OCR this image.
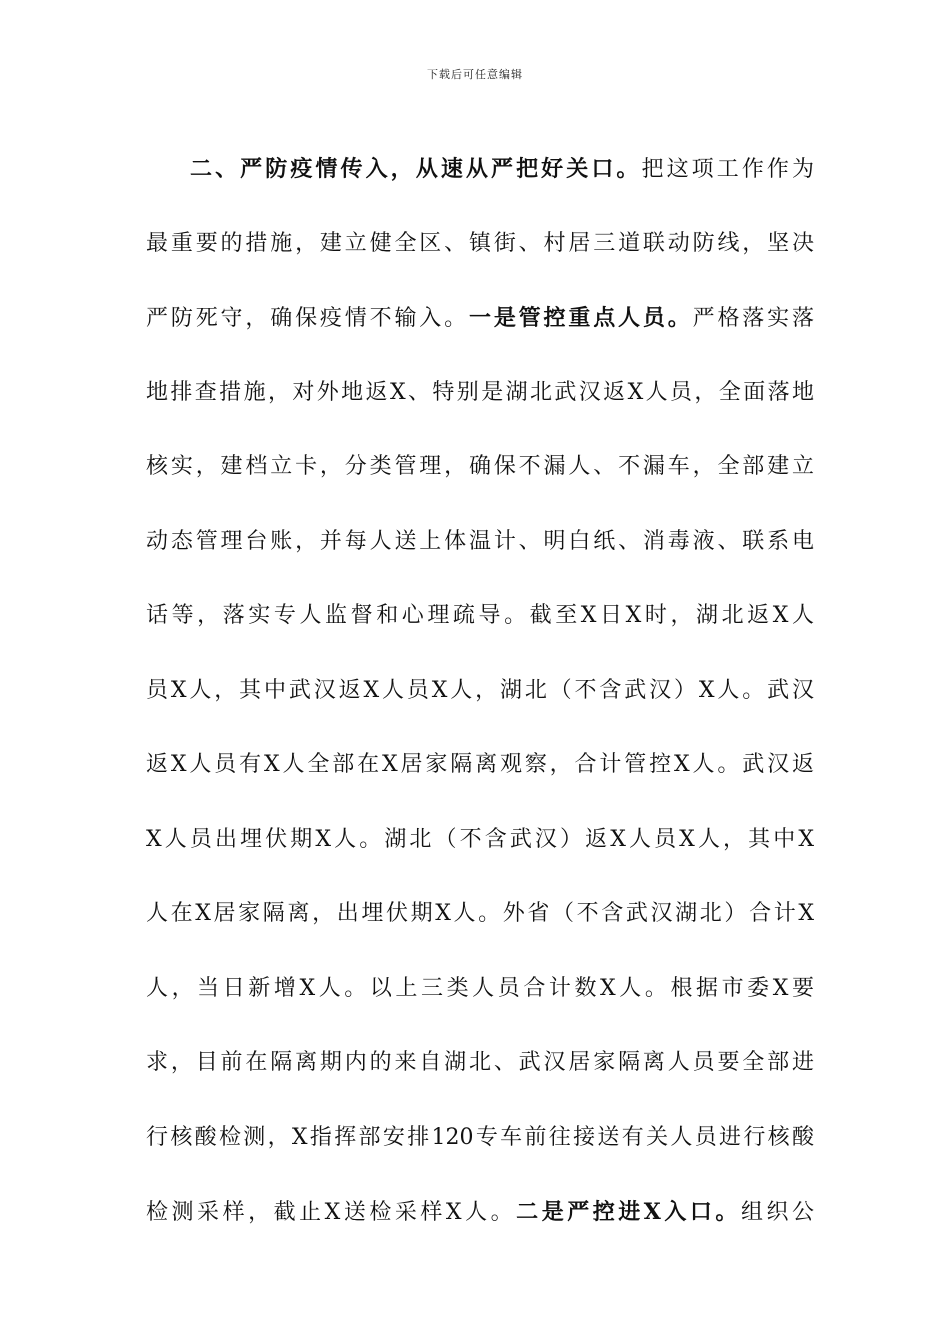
下载后可任意编辑
二、严防疫情传入，从速从严把好关口。把这项工作作为
最重要的措施，建立健全区、镇街、村居三道联动防线，坚决
严防死守，确保疫情不输入。一是管控重点人员。严格落实落
地排查措施，对外地返X、特别是湖北武汉返X人员，全面落地
核实，建档立卡，分类管理，确保不漏人、不漏车，全部建立
动态管理台账，并每人送上体温计、明白纸、消毒液、联系电
话等，落实专人监督和心理疏导。截至X日X时，湖北返X人
员X人，其中武汉返X人员X人，湖北（不含武汉）X人。武汉
返X人员有X人全部在X居家隔离观察，合计管控X人。武汉返
X人员出埋伏期X人。湖北（不含武汉）返X人员X人，其中X
人在X居家隔离，出埋伏期X人。外省（不含武汉湖北）合计X
人，当日新增X人。以上三类人员合计数X人。根据市委X要
求，目前在隔离期内的来自湖北、武汉居家隔离人员要全部进
行核酸检测，X指挥部安排120专车前往接送有关人员进行核酸
检测采样，截止X送检采样X人。二是严控进X入口。组织公
